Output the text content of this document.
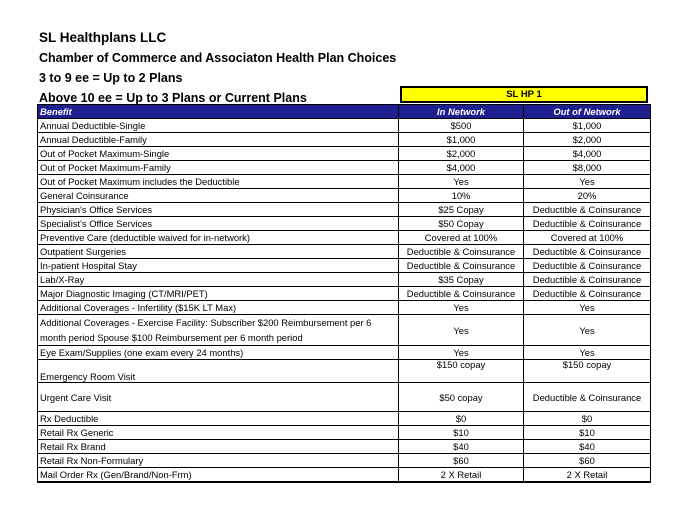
SL Healthplans LLC
Chamber of Commerce and Associaton Health Plan Choices
3 to 9 ee = Up to 2 Plans
Above 10 ee = Up to 3 Plans or Current Plans	SL HP 1
Benefit	In Network	Out of Network
Annual Deductible-Single	$500	$1,000
Annual Deductible-Family	$1,000	$2,000
Out of Pocket Maximum-Single	$2,000	$4,000
Out of Pocket Maximum-Family	$4,000	$8,000
Out of Pocket Maximum includes the Deductible	Yes	Yes
General Coinsurance	10%	20%
Physician's Office Services	$25 Copay	Deductible & Coinsurance
Specialist's Office Services	$50 Copay	Deductible & Coinsurance
Preventive Care (deductible waived for in-network)	Covered at 100%	Covered at 100%
Outpatient Surgeries	Deductible & Coinsurance	Deductible & Coinsurance
In-patient Hospital Stay	Deductible & Coinsurance	Deductible & Coinsurance
Lab/X-Ray	$35 Copay	Deductible & Coinsurance
Major Diagnostic Imaging (CT/MRI/PET)	Deductible & Coinsurance	Deductible & Coinsurance
Additional Coverages - Infertility ($15K LT Max)	Yes	Yes
Additional Coverages - Exercise Facility: Subscriber $200 Reimbursement per 6 month period Spouse $100 Reimbursement per 6 month period	Yes	Yes
Eye Exam/Supplies (one exam every 24 months)	Yes	Yes
Emergency Room Visit	$150 copay	$150 copay
Urgent Care Visit	$50 copay	Deductible & Coinsurance
Rx Deductible	$0	$0
Retail Rx Generic	$10	$10
Retail Rx Brand	$40	$40
Retail Rx Non-Formulary	$60	$60
Mail Order Rx (Gen/Brand/Non-Frm)	2 X Retail	2 X Retail
